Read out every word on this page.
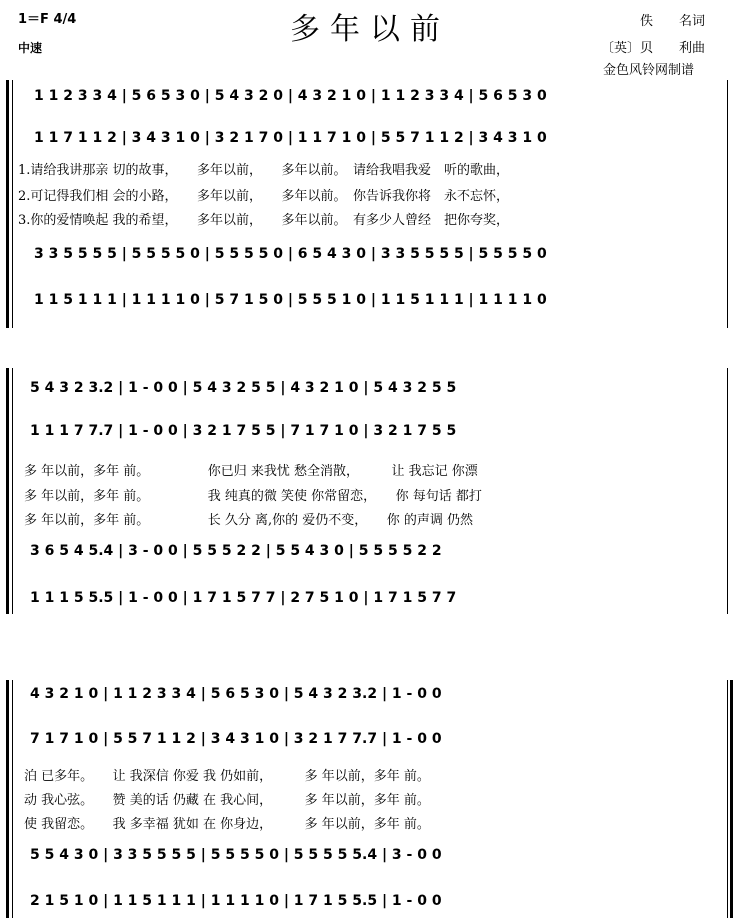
1＝F 4/4
中速
多年以前	佚　　名词
〔英〕贝　　利曲
金色风铃网制谱
1 1 2 3 3 4 | 5 6 5 3 0 | 5 4 3 2 0 | 4 3 2 1 0 | 1 1 2 3 3 4 | 5 6 5 3 0
1 1 7 1 1 2 | 3 4 3 1 0 | 3 2 1 7 0 | 1 1 7 1 0 | 5 5 7 1 1 2 | 3 4 3 1 0
1.请给我讲那亲 切的故事，　　多年以前，　　多年以前。　请给我唱我爱　听的歌曲，
2.可记得我们相 会的小路，　　多年以前，　　多年以前。　你告诉我你将　永不忘怀，
3.你的爱情唤起 我的希望，　　多年以前，　　多年以前。　有多少人曾经　把你夸奖，
3 3 5 5 5 5 | 5 5 5 5 0 | 5 5 5 5 0 | 6 5 4 3 0 | 3 3 5 5 5 5 | 5 5 5 5 0
1 1 5 1 1 1 | 1 1 1 1 0 | 5 7 1 5 0 | 5 5 5 1 0 | 1 1 5 1 1 1 | 1 1 1 1 0
5 4 3 2 3.2 | 1 - 0 0 | 5 4 3 2 5 5 | 4 3 2 1 0 | 5 4 3 2 5 5
1 1 1 7 7.7 | 1 - 0 0 | 3 2 1 7 5 5 | 7 1 7 1 0 | 3 2 1 7 5 5
多 年以前，多年 前。　　　　　你已归 来我忧 愁全消散，　　　让 我忘记 你漂
多 年以前，多年 前。　　　　　我 纯真的微 笑使 你常留恋，　　你 每句话 都打
多 年以前，多年 前。　　　　　长 久分 离,你的 爱仍不变，　　你 的声调 仍然
3 6 5 4 5.4 | 3 - 0 0 | 5 5 5 2 2 | 5 5 4 3 0 | 5 5 5 5 2 2
1 1 1 5 5.5 | 1 - 0 0 | 1 7 1 5 7 7 | 2 7 5 1 0 | 1 7 1 5 7 7
4 3 2 1 0 | 1 1 2 3 3 4 | 5 6 5 3 0 | 5 4 3 2 3.2 | 1 - 0 0
7 1 7 1 0 | 5 5 7 1 1 2 | 3 4 3 1 0 | 3 2 1 7 7.7 | 1 - 0 0
泊 已多年。　　让 我深信 你爱 我 仍如前，　　　多 年以前，多年 前。
动 我心弦。　　赞 美的话 仍藏 在 我心间，　　　多 年以前，多年 前。
使 我留恋。　　我 多幸福 犹如 在 你身边，　　　多 年以前，多年 前。
5 5 4 3 0 | 3 3 5 5 5 5 | 5 5 5 5 0 | 5 5 5 5 5.4 | 3 - 0 0
2 1 5 1 0 | 1 1 5 1 1 1 | 1 1 1 1 0 | 1 7 1 5 5.5 | 1 - 0 0
